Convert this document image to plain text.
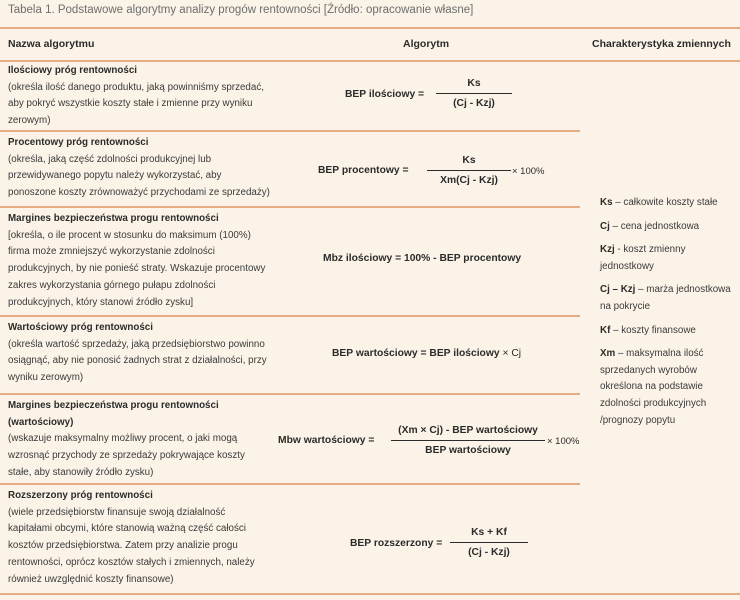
Tabela 1. Podstawowe algorytmy analizy progów rentowności [Źródło: opracowanie własne]
Nazwa algorytmu	Algorytm	Charakterystyka zmiennych
Ilościowy próg rentowności
(określa ilość danego produktu, jaką powinniśmy sprzedać, aby pokryć wszystkie koszty stałe i zmienne przy wyniku zerowym)
BEP ilościowy =
Ks
(Cj - Kzj)
Procentowy próg rentowności
(określa, jaką część zdolności produkcyjnej lub przewidywanego popytu należy wykorzystać, aby ponoszone koszty zrównoważyć przychodami ze sprzedaży)
BEP procentowy =
Ks
Xm(Cj - Kzj)
× 100%
Margines bezpieczeństwa progu rentowności
[określa, o ile procent w stosunku do maksimum (100%) firma może zmniejszyć wykorzystanie zdolności produkcyjnych, by nie ponieść straty. Wskazuje procentowy zakres wykorzystania górnego pułapu zdolności produkcyjnych, który stanowi źródło zysku]
Mbz ilościowy = 100% - BEP procentowy
Wartościowy próg rentowności
(określa wartość sprzedaży, jaką przedsiębiorstwo powinno osiągnąć, aby nie ponosić żadnych strat z działalności, przy wyniku zerowym)
BEP wartościowy = BEP ilościowy × Cj
Margines bezpieczeństwa progu rentowności (wartościowy)
(wskazuje maksymalny możliwy procent, o jaki mogą wzrosnąć przychody ze sprzedaży pokrywające koszty stałe, aby stanowiły źródło zysku)
Mbw wartościowy =
(Xm × Cj) - BEP wartościowy
BEP wartościowy
× 100%
Rozszerzony próg rentowności
(wiele przedsiębiorstw finansuje swoją działalność kapitałami obcymi, które stanowią ważną część całości kosztów przedsiębiorstwa. Zatem przy analizie progu rentowności, oprócz kosztów stałych i zmiennych, należy również uwzględnić koszty finansowe)
BEP rozszerzony =
Ks + Kf
(Cj - Kzj)
Ks – całkowite koszty stałe
Cj – cena jednostkowa
Kzj - koszt zmienny jednostkowy
Cj – Kzj – marża jednostkowa na pokrycie
Kf – koszty finansowe
Xm – maksymalna ilość sprzedanych wyrobów określona na podstawie zdolności produkcyjnych /prognozy popytu
